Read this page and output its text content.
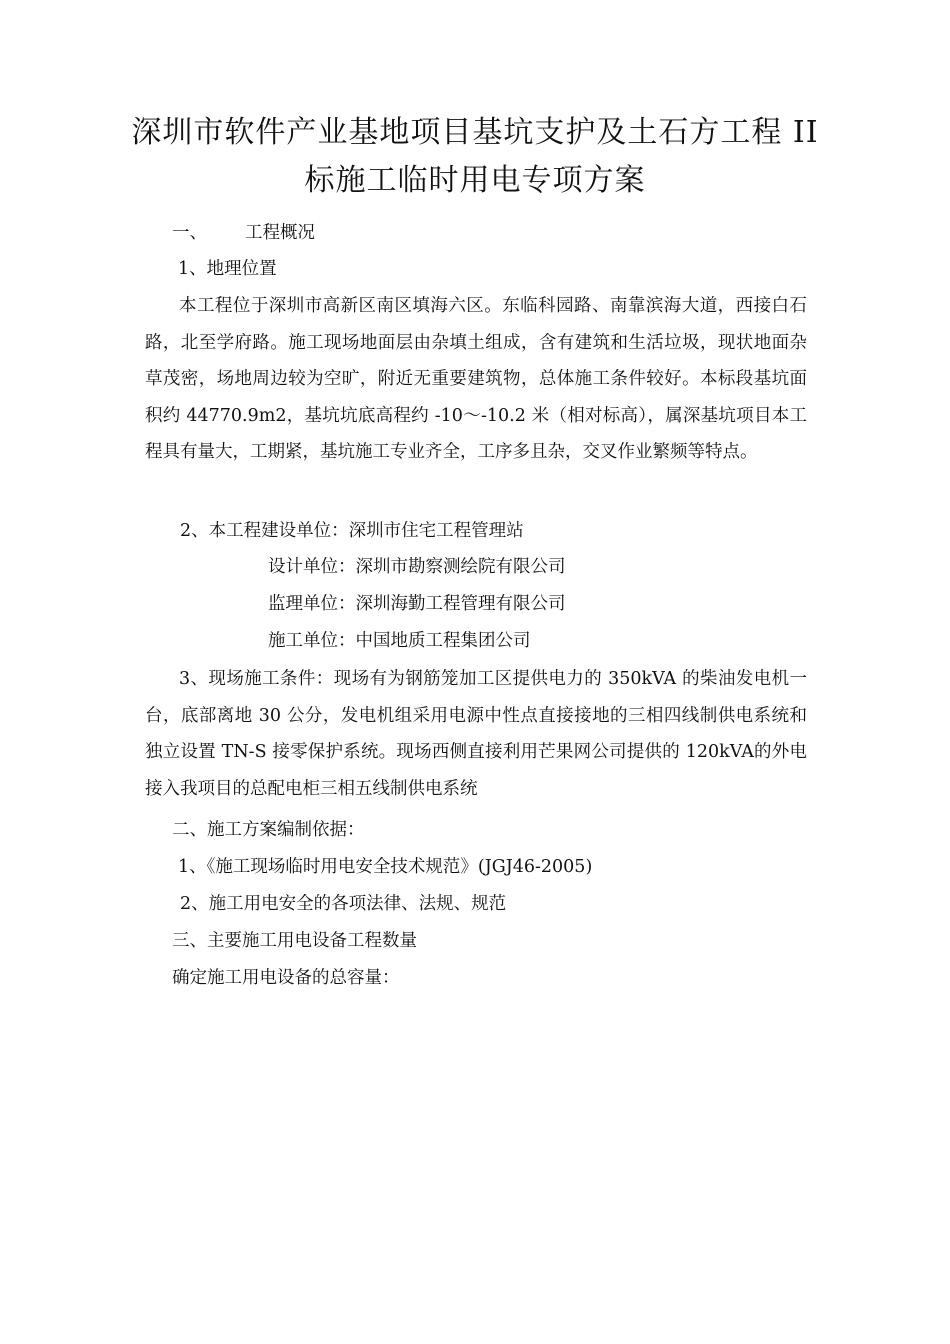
深圳市软件产业基地项目基坑支护及土石方工程 II
标施工临时用电专项方案
一、 工程概况
1、地理位置

本工程位于深圳市高新区南区填海六区。东临科园路、南靠滨海大道，西接白石路，北至学府路。施工现场地面层由杂填土组成，含有建筑和生活垃圾，现状地面杂草茂密，场地周边较为空旷，附近无重要建筑物，总体施工条件较好。本标段基坑面积约 44770.9m2，基坑坑底高程约 -10～-10.2 米（相对标高），属深基坑项目本工程具有量大，工期紧，基坑施工专业齐全，工序多且杂，交叉作业繁频等特点。

2、本工程建设单位：深圳市住宅工程管理站
设计单位：深圳市勘察测绘院有限公司
监理单位：深圳海勤工程管理有限公司
施工单位：中国地质工程集团公司

3、现场施工条件：现场有为钢筋笼加工区提供电力的 350kVA 的柴油发电机一台，底部离地 30 公分，发电机组采用电源中性点直接接地的三相四线制供电系统和独立设置 TN-S 接零保护系统。现场西侧直接利用芒果网公司提供的 120kVA的外电接入我项目的总配电柜三相五线制供电系统

二、施工方案编制依据：
1、《施工现场临时用电安全技术规范》(JGJ46-2005)
2、施工用电安全的各项法律、法规、规范
三、主要施工用电设备工程数量
确定施工用电设备的总容量：
